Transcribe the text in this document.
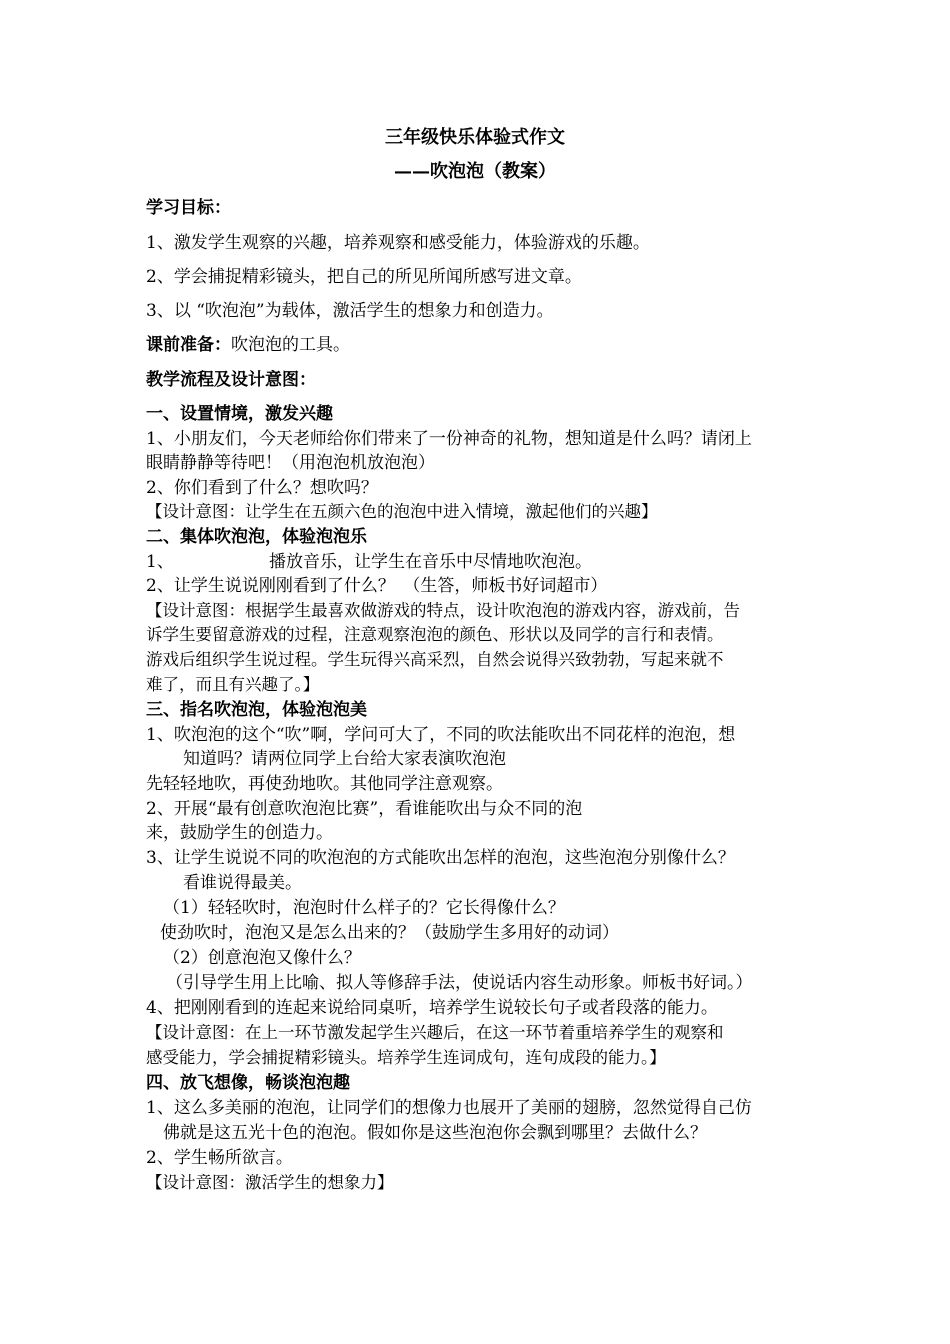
三年级快乐体验式作文
——吹泡泡（教案）
学习目标：
1、激发学生观察的兴趣，培养观察和感受能力，体验游戏的乐趣。
2、学会捕捉精彩镜头，把自己的所见所闻所感写进文章。
3、以 “吹泡泡”为载体，激活学生的想象力和创造力。
课前准备：吹泡泡的工具。
教学流程及设计意图：
一、设置情境，激发兴趣
1、小朋友们，今天老师给你们带来了一份神奇的礼物，想知道是什么吗？请闭上
眼睛静静等待吧！（用泡泡机放泡泡）
2、你们看到了什么？想吹吗？
【设计意图：让学生在五颜六色的泡泡中进入情境，激起他们的兴趣】
二、集体吹泡泡，体验泡泡乐
1、	播放音乐，让学生在音乐中尽情地吹泡泡。
2、让学生说说刚刚看到了什么？　（生答，师板书好词超市）
【设计意图：根据学生最喜欢做游戏的特点，设计吹泡泡的游戏内容，游戏前，告
诉学生要留意游戏的过程，注意观察泡泡的颜色、形状以及同学的言行和表情。
游戏后组织学生说过程。学生玩得兴高采烈，自然会说得兴致勃勃，写起来就不
难了，而且有兴趣了。】
三、指名吹泡泡，体验泡泡美
1、吹泡泡的这个“吹”啊，学问可大了，不同的吹法能吹出不同花样的泡泡，想
知道吗？请两位同学上台给大家表演吹泡泡
先轻轻地吹，再使劲地吹。其他同学注意观察。
2、开展“最有创意吹泡泡比赛”，看谁能吹出与众不同的泡
来，鼓励学生的创造力。
3、让学生说说不同的吹泡泡的方式能吹出怎样的泡泡，这些泡泡分别像什么？
看谁说得最美。
（1）轻轻吹时，泡泡时什么样子的？它长得像什么？
使劲吹时，泡泡又是怎么出来的？（鼓励学生多用好的动词）
（2）创意泡泡又像什么？
（引导学生用上比喻、拟人等修辞手法，使说话内容生动形象。师板书好词。）
4、把刚刚看到的连起来说给同桌听，培养学生说较长句子或者段落的能力。
【设计意图：在上一环节激发起学生兴趣后，在这一环节着重培养学生的观察和
感受能力，学会捕捉精彩镜头。培养学生连词成句，连句成段的能力。】
四、放飞想像，畅谈泡泡趣
1、这么多美丽的泡泡，让同学们的想像力也展开了美丽的翅膀，忽然觉得自己仿
佛就是这五光十色的泡泡。假如你是这些泡泡你会飘到哪里？去做什么？
2、学生畅所欲言。
【设计意图：激活学生的想象力】
